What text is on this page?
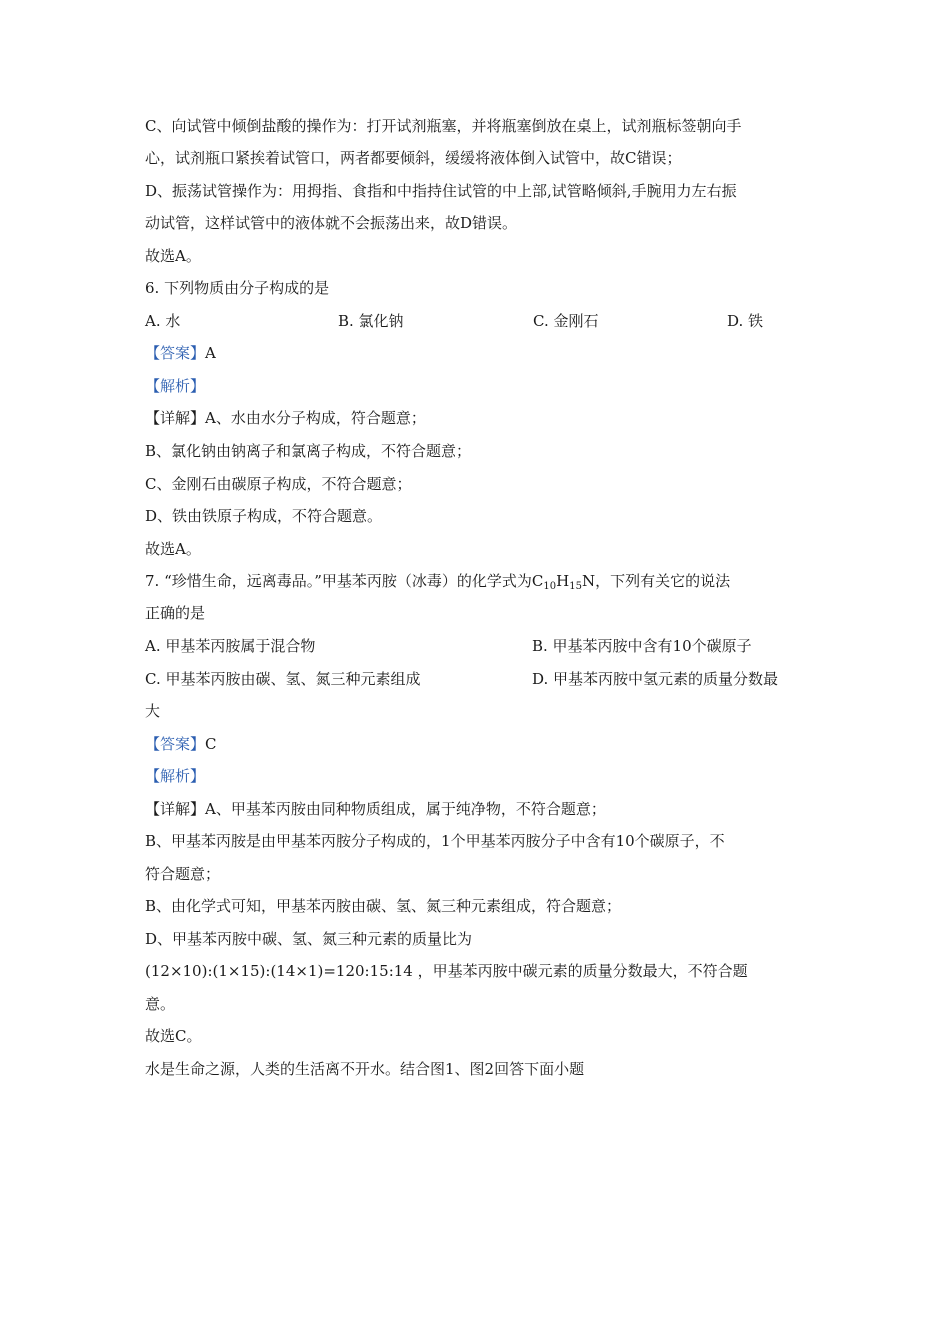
C、向试管中倾倒盐酸的操作为：打开试剂瓶塞，并将瓶塞倒放在桌上，试剂瓶标签朝向手
心，试剂瓶口紧挨着试管口，两者都要倾斜，缓缓将液体倒入试管中，故C错误；
D、振荡试管操作为：用拇指、食指和中指持住试管的中上部,试管略倾斜,手腕用力左右振
动试管，这样试管中的液体就不会振荡出来，故D错误。
故选A。
6. 下列物质由分子构成的是
A. 水	B. 氯化钠	C. 金刚石	D. 铁
【答案】A
【解析】
【详解】A、水由水分子构成，符合题意；
B、氯化钠由钠离子和氯离子构成，不符合题意；
C、金刚石由碳原子构成，不符合题意；
D、铁由铁原子构成，不符合题意。
故选A。
7. “珍惜生命，远离毒品。”甲基苯丙胺（冰毒）的化学式为$C_{10}H_{15}N$，下列有关它的说法
正确的是
A. 甲基苯丙胺属于混合物	B. 甲基苯丙胺中含有10个碳原子
C. 甲基苯丙胺由碳、氢、氮三种元素组成	D. 甲基苯丙胺中氢元素的质量分数最
大
【答案】C
【解析】
【详解】A、甲基苯丙胺由同种物质组成，属于纯净物，不符合题意；
B、甲基苯丙胺是由甲基苯丙胺分子构成的，1个甲基苯丙胺分子中含有10个碳原子，不
符合题意；
B、由化学式可知，甲基苯丙胺由碳、氢、氮三种元素组成，符合题意；
D、甲基苯丙胺中碳、氢、氮三种元素的质量比为
(12×10):(1×15):(14×1)=120:15:14 ，甲基苯丙胺中碳元素的质量分数最大，不符合题
意。
故选C。
水是生命之源，人类的生活离不开水。结合图1、图2回答下面小题
